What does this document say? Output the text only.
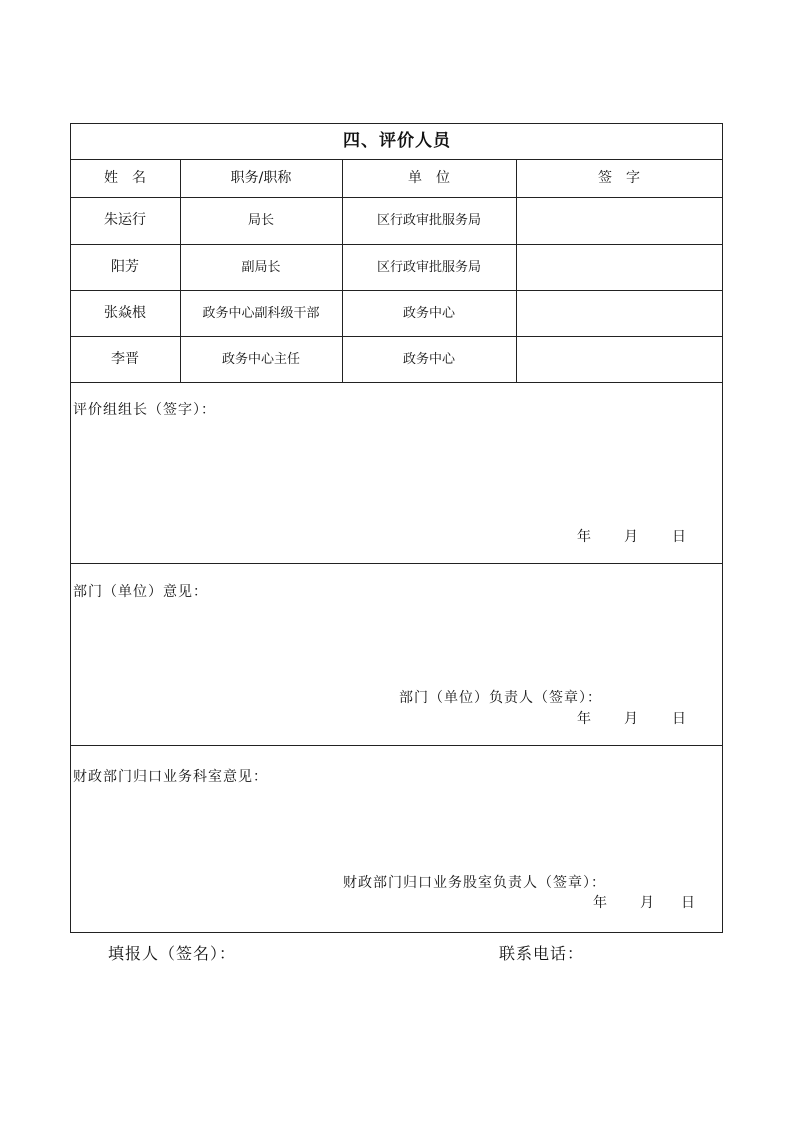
四、评价人员
姓　名	职务/职称	单　位	签　字
朱运行	局长	区行政审批服务局
阳芳	副局长	区行政审批服务局
张焱根	政务中心副科级干部	政务中心
李晋	政务中心主任	政务中心
评价组组长（签字）：
年 月 日
部门（单位）意见：
部门（单位）负责人（签章）：
年 月 日
财政部门归口业务科室意见：
财政部门归口业务股室负责人（签章）：
年 月 日
填报人（签名）：	联系电话：
